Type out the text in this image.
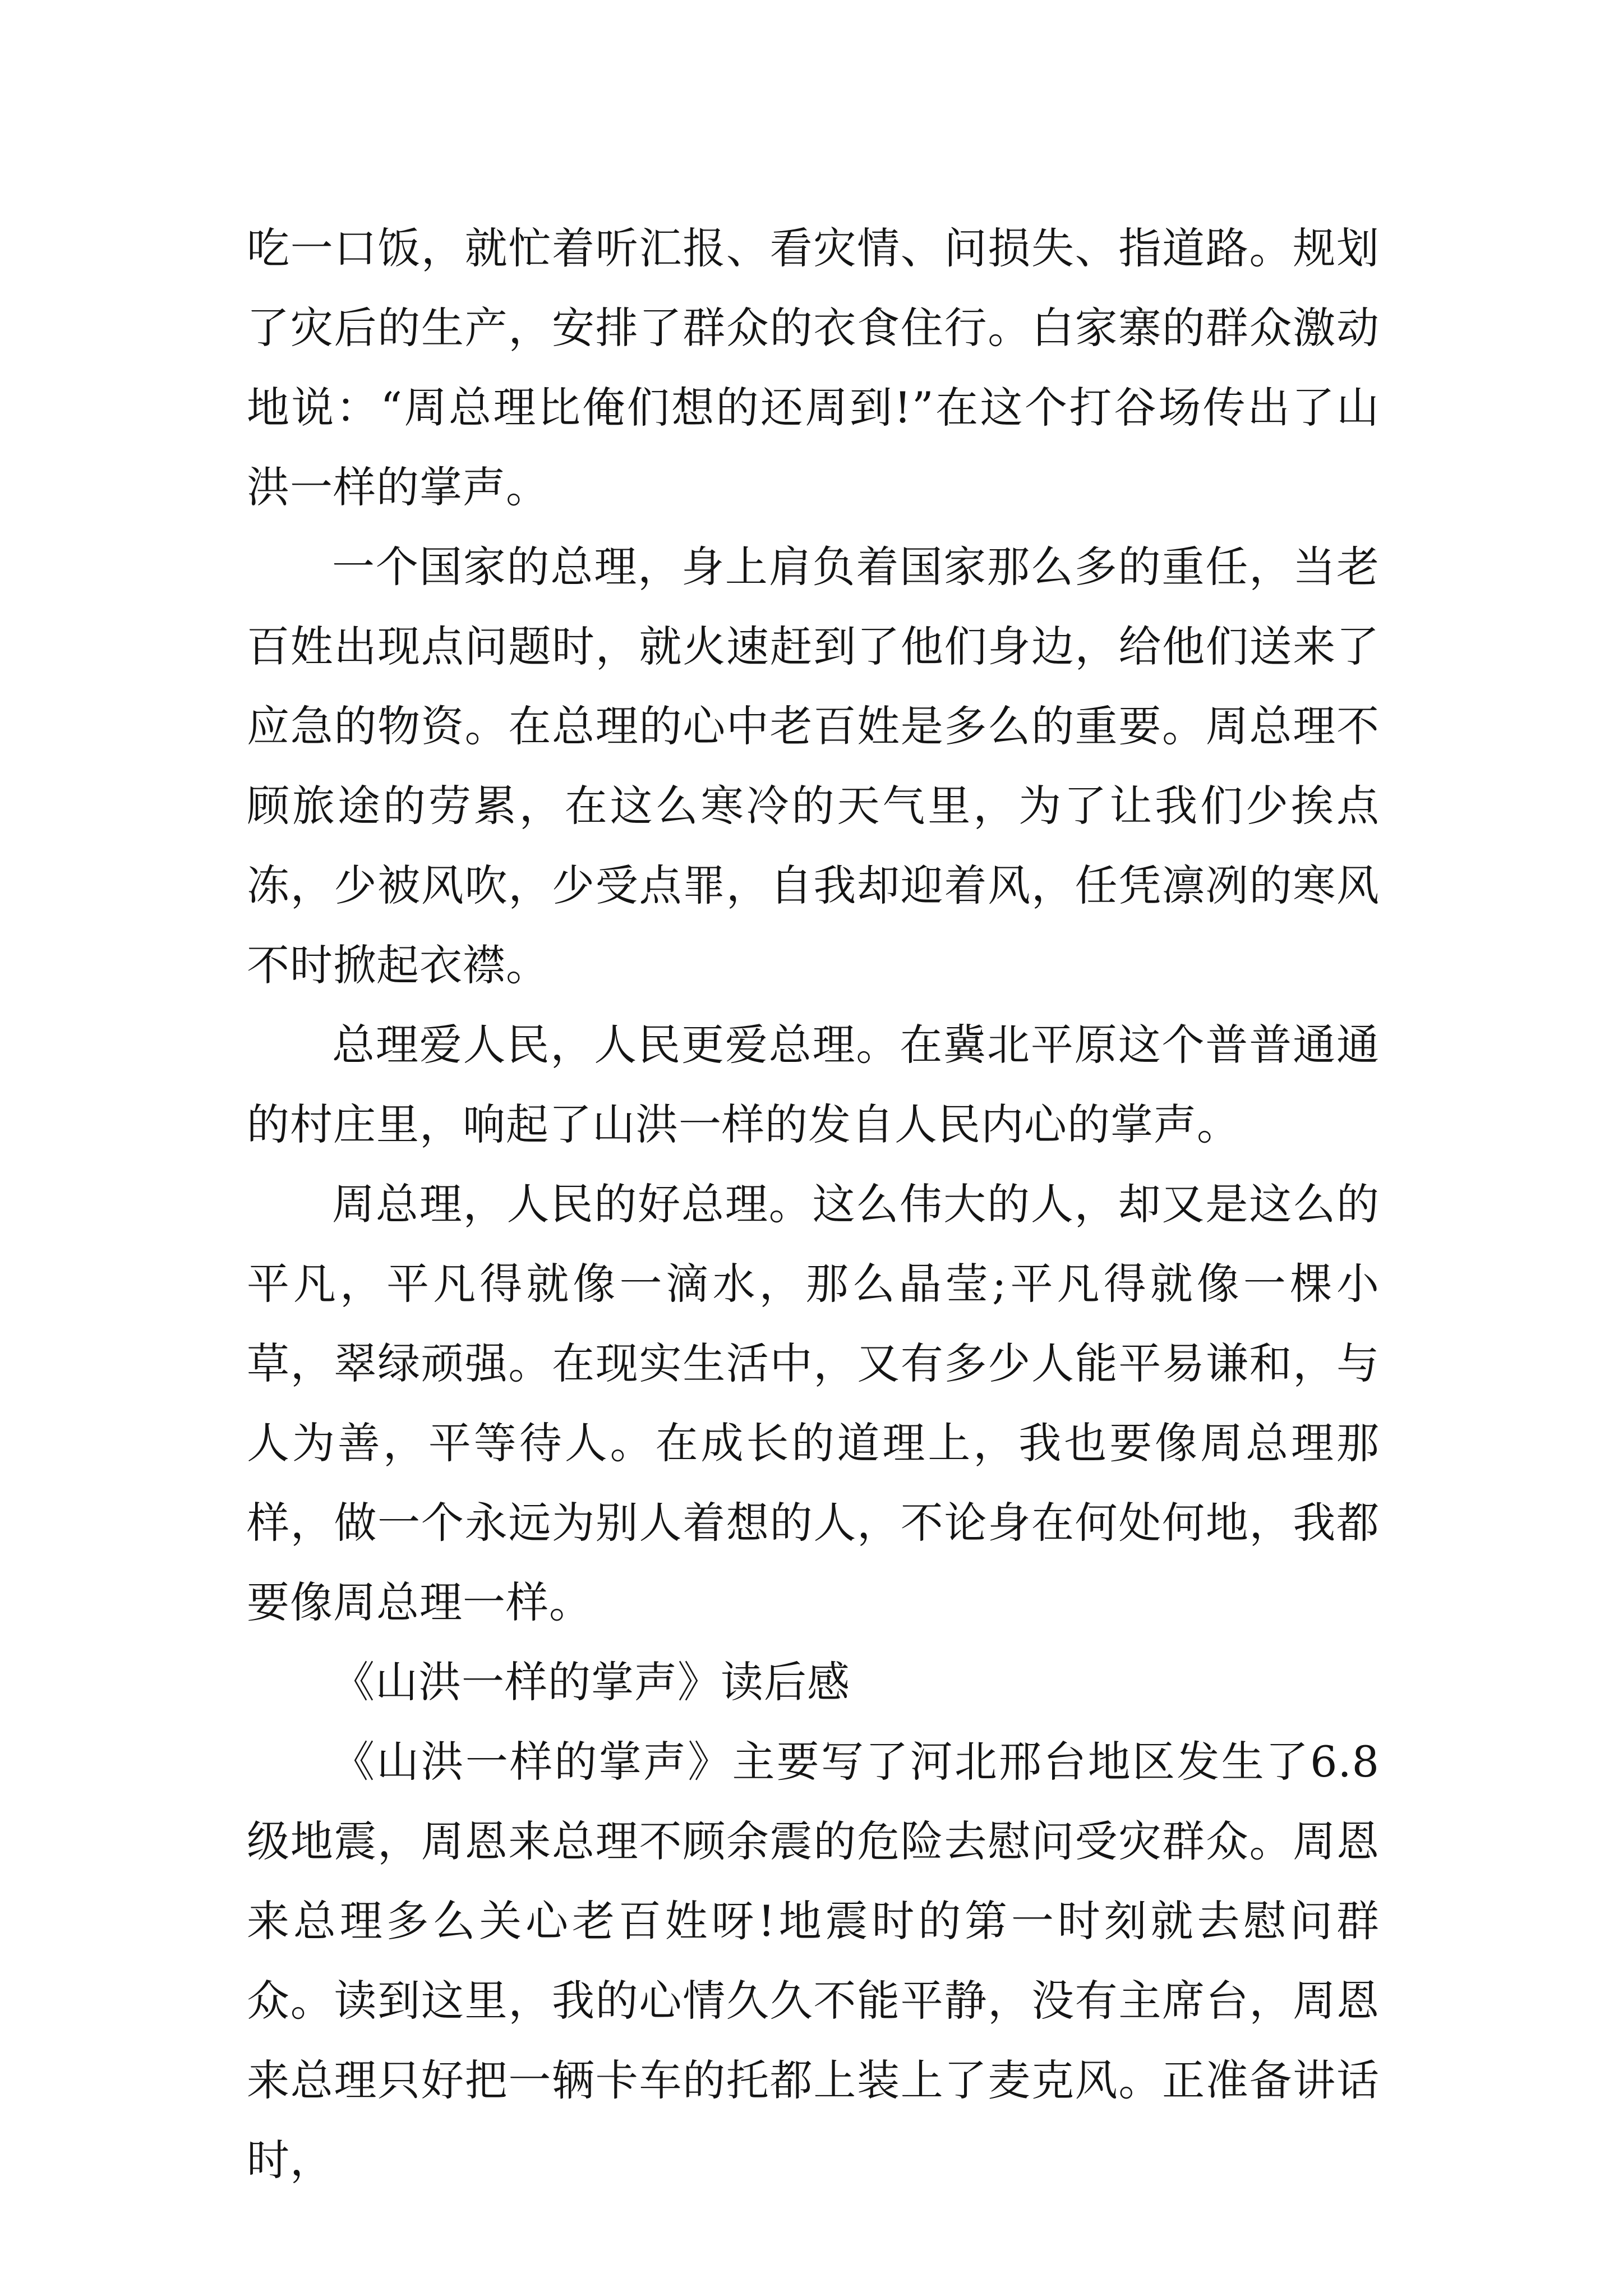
吃一口饭，就忙着听汇报、看灾情、问损失、指道路。规划了灾后的生产，安排了群众的衣食住行。白家寨的群众激动地说：“周总理比俺们想的还周到!”在这个打谷场传出了山洪一样的掌声。

一个国家的总理，身上肩负着国家那么多的重任，当老百姓出现点问题时，就火速赶到了他们身边，给他们送来了应急的物资。在总理的心中老百姓是多么的重要。周总理不顾旅途的劳累，在这么寒冷的天气里，为了让我们少挨点冻，少被风吹，少受点罪，自我却迎着风，任凭凛冽的寒风不时掀起衣襟。

总理爱人民，人民更爱总理。在冀北平原这个普普通通的村庄里，响起了山洪一样的发自人民内心的掌声。

周总理，人民的好总理。这么伟大的人，却又是这么的平凡，平凡得就像一滴水，那么晶莹;平凡得就像一棵小草，翠绿顽强。在现实生活中，又有多少人能平易谦和，与人为善，平等待人。在成长的道理上，我也要像周总理那样，做一个永远为别人着想的人，不论身在何处何地，我都要像周总理一样。

《山洪一样的掌声》读后感

《山洪一样的掌声》主要写了河北邢台地区发生了6.8级地震，周恩来总理不顾余震的危险去慰问受灾群众。周恩来总理多么关心老百姓呀!地震时的第一时刻就去慰问群众。读到这里，我的心情久久不能平静，没有主席台，周恩来总理只好把一辆卡车的托都上装上了麦克风。正准备讲话时，
